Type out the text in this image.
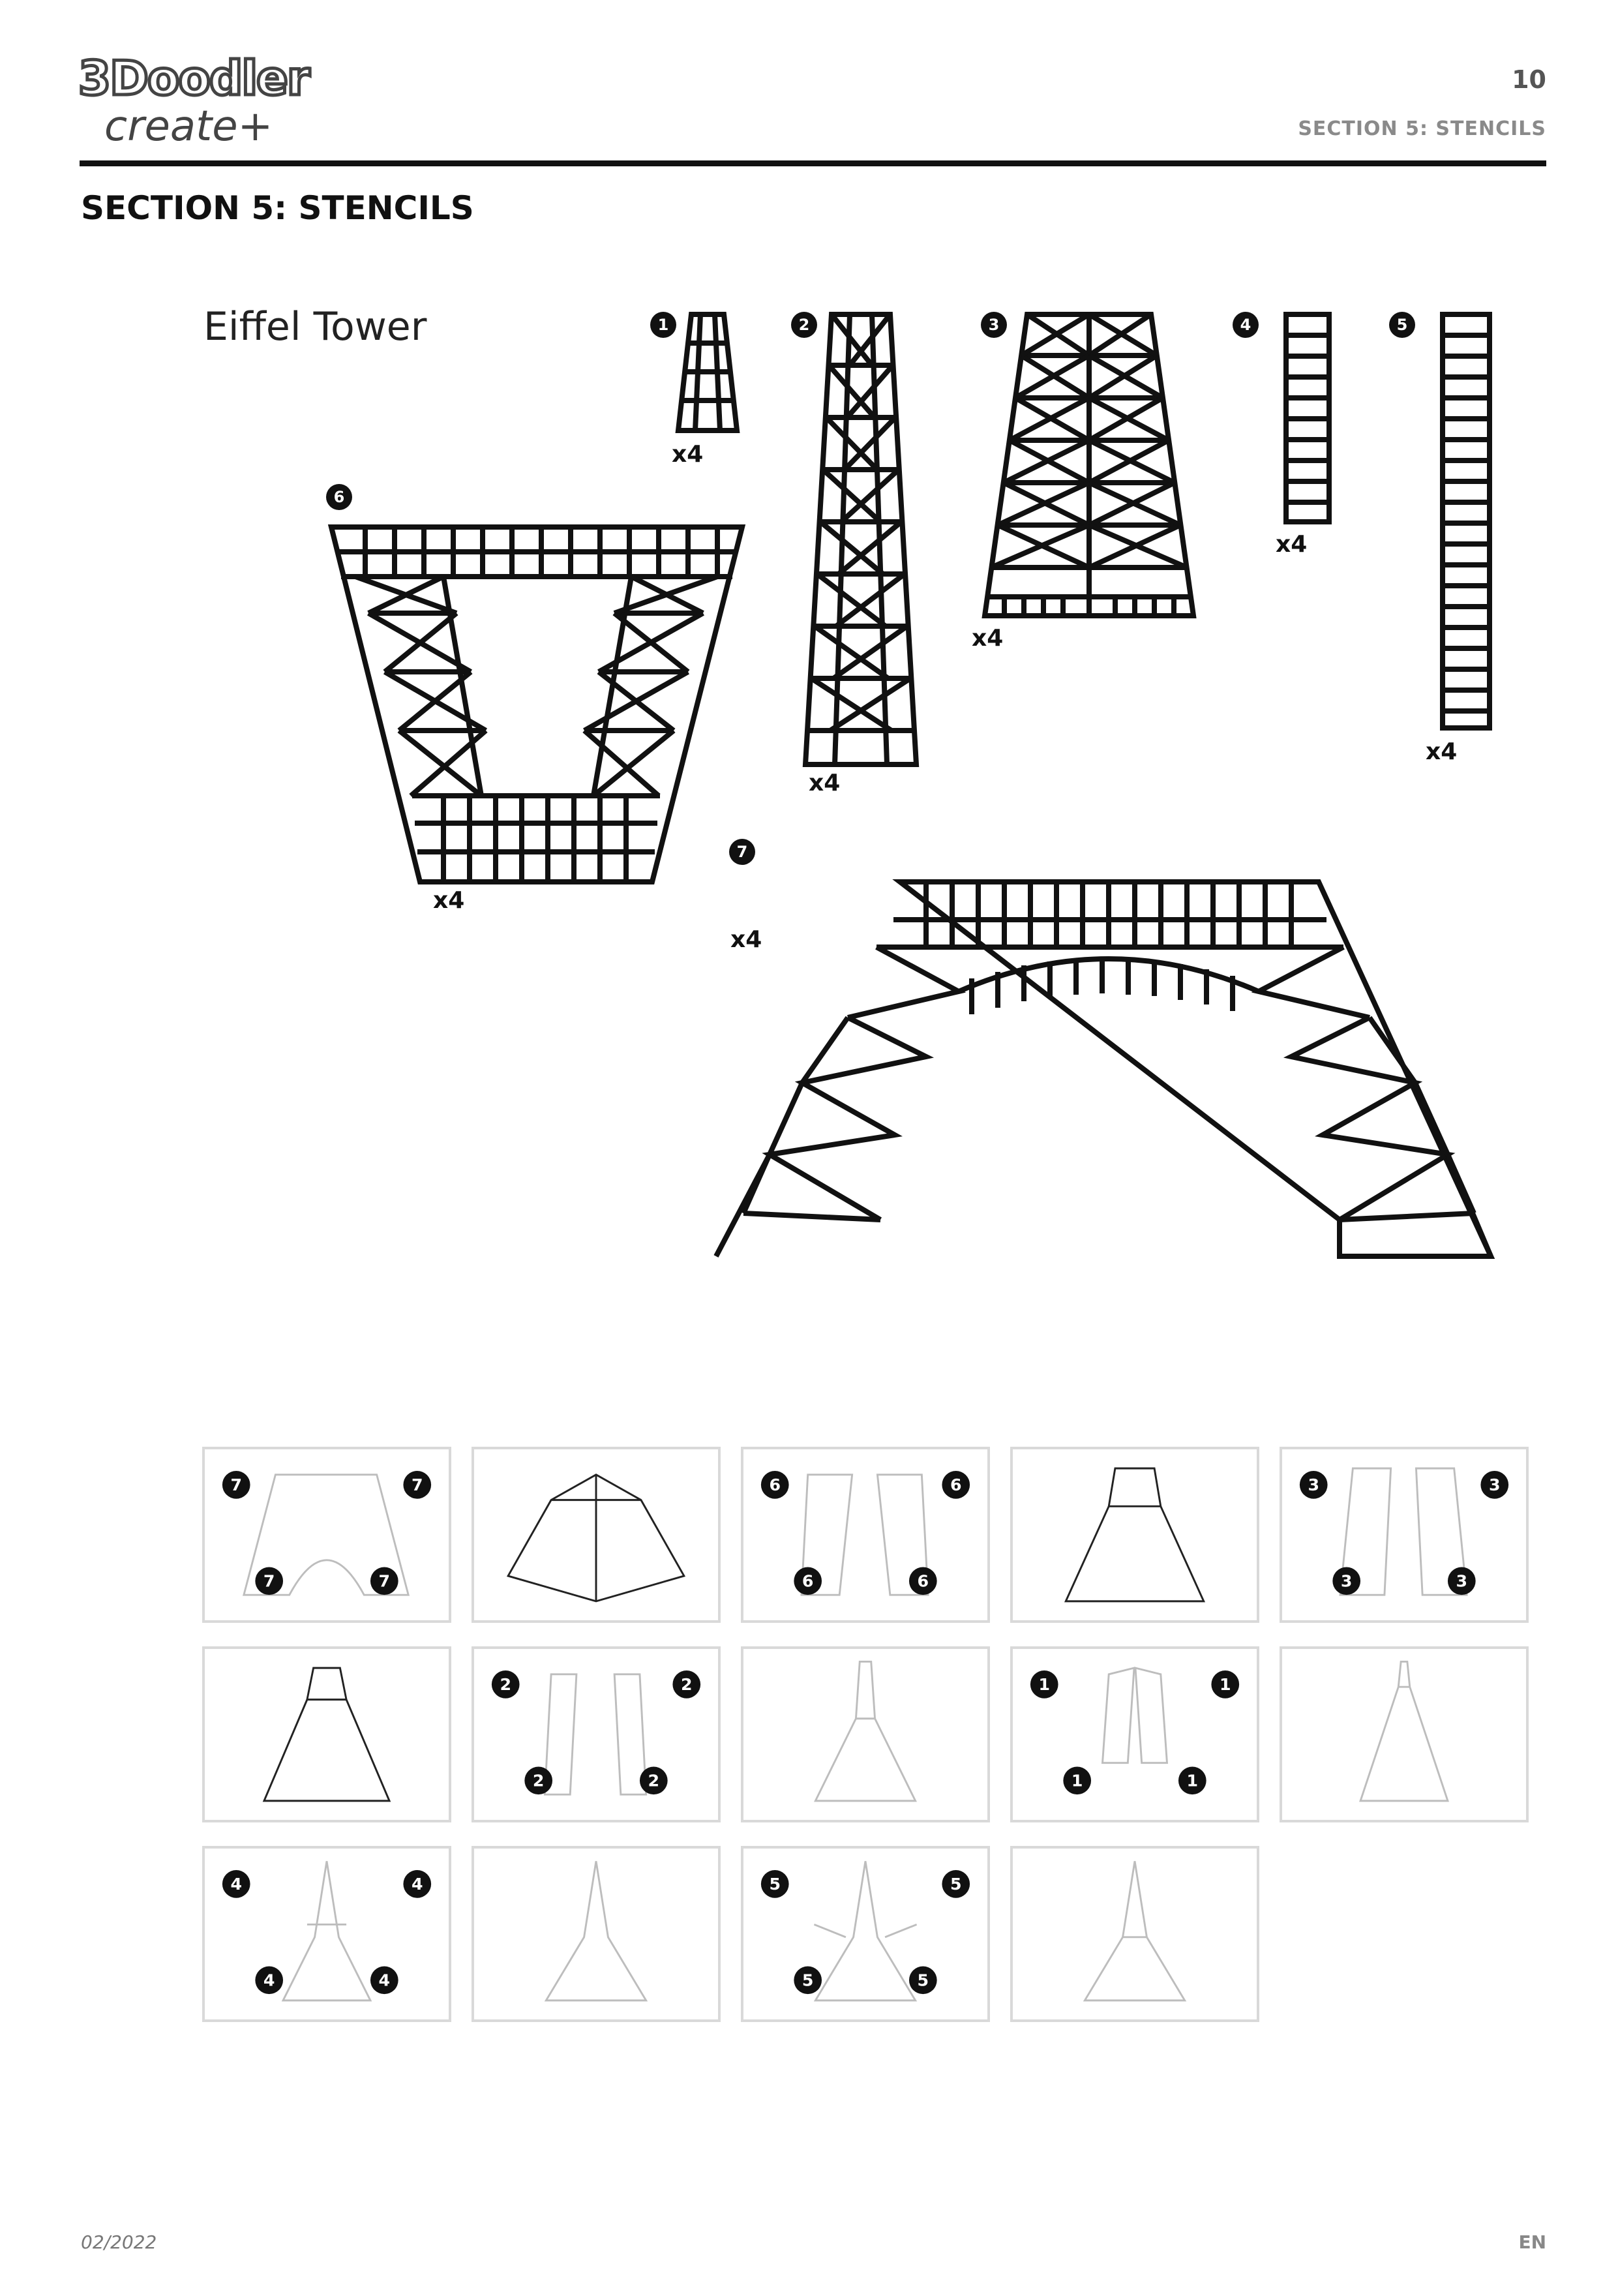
3Doodler
create+
10
SECTION 5: STENCILS
SECTION 5: STENCILS
Eiffel Tower	1	2	3	4	5
6
7
x4
x4
x4
x4
x4
x4
x4
7	7
7	7
6	6
6	6
3	3
3	3
2	2
2	2
1	1
1	1
4	4
4	4
5	5
5	5
02/2022	EN
